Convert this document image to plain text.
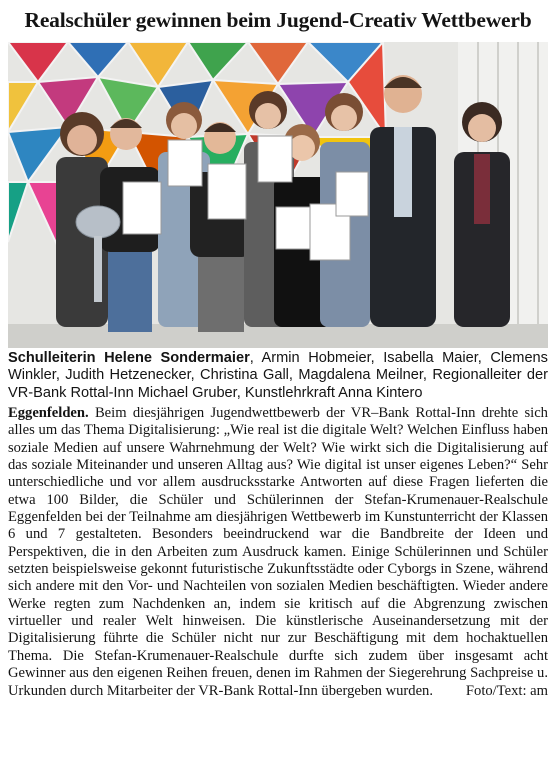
Realschüler gewinnen beim Jugend-Creativ Wettbewerb
Schulleiterin Helene Sondermaier, Armin Hobmeier, Isabella Maier, Clemens Winkler, Judith Hetzenecker, Christina Gall, Magdalena Meilner, Regionalleiter der VR-Bank Rottal-Inn Michael Gruber, Kunstlehrkraft Anna Kintero
Eggenfelden. Beim diesjährigen Jugendwettbewerb der VR–Bank Rottal-Inn drehte sich alles um das Thema Digitalisierung: „Wie real ist die digitale Welt? Welchen Einfluss haben soziale Medien auf unsere Wahrnehmung der Welt? Wie wirkt sich die Digitalisierung auf das soziale Miteinander und unseren Alltag aus? Wie digital ist unser eigenes Leben?“ Sehr unterschiedliche und vor allem ausdrucksstarke Antworten auf diese Fragen lieferten die etwa 100 Bilder, die Schüler und Schülerinnen der Stefan-Krumenauer-Realschule Eggenfelden bei der Teilnahme am diesjährigen Wettbewerb im Kunstunterricht der Klassen 6 und 7 gestalteten. Besonders beeindruckend war die Bandbreite der Ideen und Perspektiven, die in den Arbeiten zum Ausdruck kamen. Einige Schülerinnen und Schüler setzten beispielsweise gekonnt futuristische Zukunftsstädte oder Cyborgs in Szene, während sich andere mit den Vor- und Nachteilen von sozialen Medien beschäftigten. Wieder andere Werke regten zum Nachdenken an, indem sie kritisch auf die Abgrenzung zwischen virtueller und realer Welt hinweisen. Die künstlerische Auseinandersetzung mit der Digitalisierung führte die Schüler nicht nur zur Beschäftigung mit dem hochaktuellen Thema. Die Stefan-Krumenauer-Realschule durfte sich zudem über insgesamt acht Gewinner aus den eigenen Reihen freuen, denen im Rahmen der Siegerehrung Sachpreise u. Urkunden durch Mitarbeiter der VR-Bank Rottal-Inn übergeben wurden. Foto/Text: am
